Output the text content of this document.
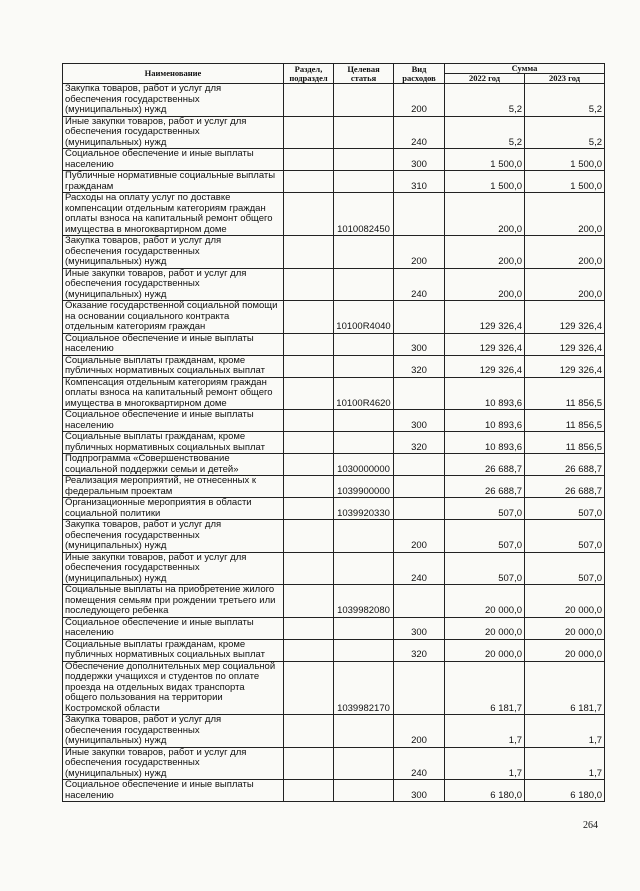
Наименование	Раздел, подраздел	Целевая статья	Вид расходов	Сумма	
				2022 год	2023 год
Закупка товаров, работ и услуг для
обеспечения государственных
(муниципальных) нужд			200	5,2	5,2
Иные закупки товаров, работ и услуг для
обеспечения государственных
(муниципальных) нужд			240	5,2	5,2
Социальное обеспечение и иные выплаты
населению			300	1 500,0	1 500,0
Публичные нормативные социальные выплаты
гражданам			310	1 500,0	1 500,0
Расходы на оплату услуг по доставке
компенсации отдельным категориям граждан
оплаты взноса на капитальный ремонт общего
имущества в многоквартирном доме		1010082450		200,0	200,0
Закупка товаров, работ и услуг для
обеспечения государственных
(муниципальных) нужд			200	200,0	200,0
Иные закупки товаров, работ и услуг для
обеспечения государственных
(муниципальных) нужд			240	200,0	200,0
Оказание государственной социальной помощи
на основании социального контракта
отдельным категориям граждан		10100R4040		129 326,4	129 326,4
Социальное обеспечение и иные выплаты
населению			300	129 326,4	129 326,4
Социальные выплаты гражданам, кроме
публичных нормативных социальных выплат			320	129 326,4	129 326,4
Компенсация отдельным категориям граждан
оплаты взноса на капитальный ремонт общего
имущества в многоквартирном доме		10100R4620		10 893,6	11 856,5
Социальное обеспечение и иные выплаты
населению			300	10 893,6	11 856,5
Социальные выплаты гражданам, кроме
публичных нормативных социальных выплат			320	10 893,6	11 856,5
Подпрограмма «Совершенствование
социальной поддержки семьи и детей»		1030000000		26 688,7	26 688,7
Реализация мероприятий, не отнесенных к
федеральным проектам		1039900000		26 688,7	26 688,7
Организационные мероприятия в области
социальной политики		1039920330		507,0	507,0
Закупка товаров, работ и услуг для
обеспечения государственных
(муниципальных) нужд			200	507,0	507,0
Иные закупки товаров, работ и услуг для
обеспечения государственных
(муниципальных) нужд			240	507,0	507,0
Социальные выплаты на приобретение жилого
помещения семьям при рождении третьего или
последующего ребенка		1039982080		20 000,0	20 000,0
Социальное обеспечение и иные выплаты
населению			300	20 000,0	20 000,0
Социальные выплаты гражданам, кроме
публичных нормативных социальных выплат			320	20 000,0	20 000,0
Обеспечение дополнительных мер социальной
поддержки учащихся и студентов по оплате
проезда на отдельных видах транспорта
общего пользования на территории
Костромской области		1039982170		6 181,7	6 181,7
Закупка товаров, работ и услуг для
обеспечения государственных
(муниципальных) нужд			200	1,7	1,7
Иные закупки товаров, работ и услуг для
обеспечения государственных
(муниципальных) нужд			240	1,7	1,7
Социальное обеспечение и иные выплаты
населению			300	6 180,0	6 180,0
264
